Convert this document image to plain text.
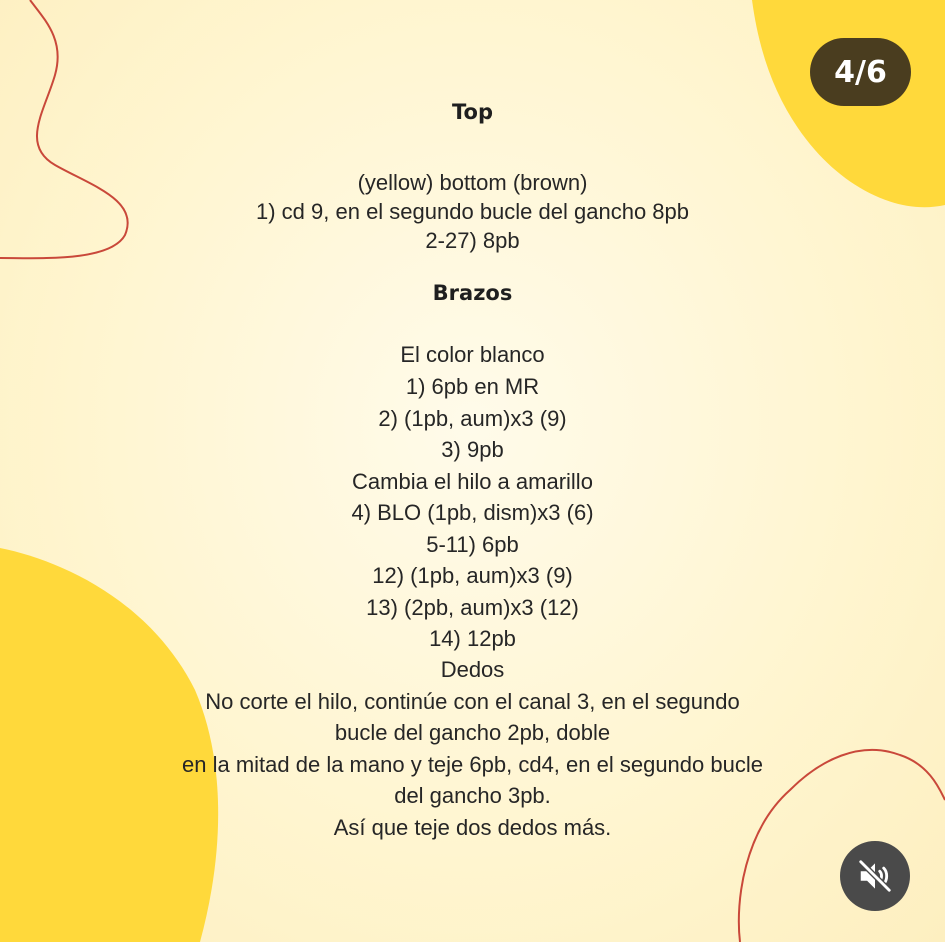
4/6
Top
(yellow) bottom (brown)
1) cd 9, en el segundo bucle del gancho 8pb
2-27) 8pb
Brazos
El color blanco
1) 6pb en MR
2) (1pb, aum)x3 (9)
3) 9pb
Cambia el hilo a amarillo
4) BLO (1pb, dism)x3 (6)
5-11) 6pb
12) (1pb, aum)x3 (9)
13) (2pb, aum)x3 (12)
14) 12pb
Dedos
No corte el hilo, continúe con el canal 3, en el segundo
bucle del gancho 2pb, doble
en la mitad de la mano y teje 6pb, cd4, en el segundo bucle
del gancho 3pb.
Así que teje dos dedos más.
